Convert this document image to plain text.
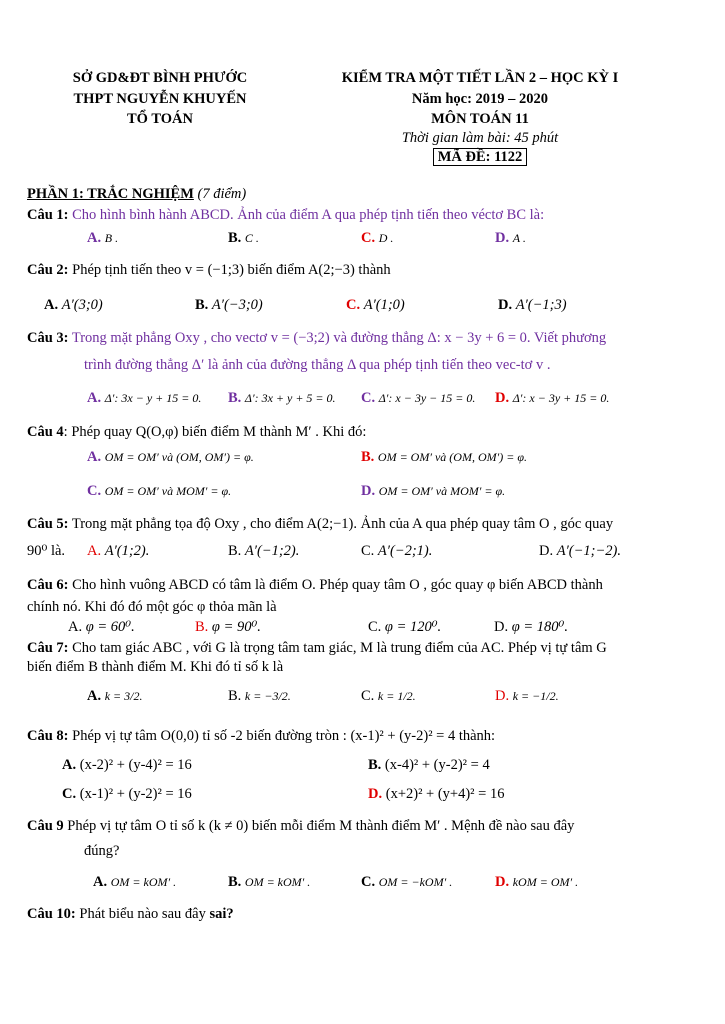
SỞ GD&ĐT BÌNH PHƯỚC
THPT NGUYỄN KHUYẾN
TỔ TOÁN
KIỂM TRA MỘT TIẾT LẦN 2 – HỌC KỲ I
Năm học: 2019 – 2020
MÔN TOÁN 11
Thời gian làm bài: 45 phút
MÃ ĐỀ: 1122
PHẦN 1: TRẮC NGHIỆM (7 điểm)
Câu 1: Cho hình bình hành ABCD. Ảnh của điểm A qua phép tịnh tiến theo véctơ BC là:
A. B .	B. C .	C. D .	D. A .
Câu 2: Phép tịnh tiến theo v = (−1;3) biến điểm A(2;−3) thành
A. A′(3;0)	B. A′(−3;0)	C. A′(1;0)	D. A′(−1;3)
Câu 3: Trong mặt phẳng Oxy , cho vectơ v = (−3;2) và đường thẳng Δ: x − 3y + 6 = 0. Viết phương
trình đường thẳng Δ′ là ảnh của đường thẳng Δ qua phép tịnh tiến theo vec-tơ v .
A. Δ′: 3x − y + 15 = 0. B. Δ′: 3x + y + 5 = 0. C. Δ′: x − 3y − 15 = 0. D. Δ′: x − 3y + 15 = 0.
Câu 4: Phép quay Q(O,φ) biến điểm M thành M′ . Khi đó:
A. OM = OM′ và (OM, OM′) = φ.	B. OM = OM′ và (OM, OM′) = φ.
C. OM = OM′ và MOM′ = φ.	D. OM = OM′ và MOM′ = φ.
Câu 5: Trong mặt phẳng tọa độ Oxy , cho điểm A(2;−1). Ảnh của A qua phép quay tâm O , góc quay
90⁰ là. A. A′(1;2).	B. A′(−1;2).	C. A′(−2;1).	D. A′(−1;−2).
Câu 6: Cho hình vuông ABCD có tâm là điểm O. Phép quay tâm O , góc quay φ biến ABCD thành
chính nó. Khi đó đó một góc φ thỏa mãn là
A. φ = 60⁰.	B. φ = 90⁰.	C. φ = 120⁰.	D. φ = 180⁰.
Câu 7: Cho tam giác ABC , với G là trọng tâm tam giác, M là trung điểm của AC. Phép vị tự tâm G
biến điểm B thành điểm M. Khi đó tỉ số k là
A. k = 3/2.	B. k = −3/2.	C. k = 1/2.	D. k = −1/2.
Câu 8: Phép vị tự tâm O(0,0) tỉ số -2 biến đường tròn : (x-1)² + (y-2)² = 4 thành:
A. (x-2)² + (y-4)² = 16	B. (x-4)² + (y-2)² = 4
C. (x-1)² + (y-2)² = 16	D. (x+2)² + (y+4)² = 16
Câu 9 Phép vị tự tâm O tỉ số k (k ≠ 0) biến mỗi điểm M thành điểm M′ . Mệnh đề nào sau đây
đúng?
A. OM = kOM′ .	B. OM = kOM′ .	C. OM = −kOM′ .	D. kOM = OM′ .
Câu 10: Phát biểu nào sau đây sai?
